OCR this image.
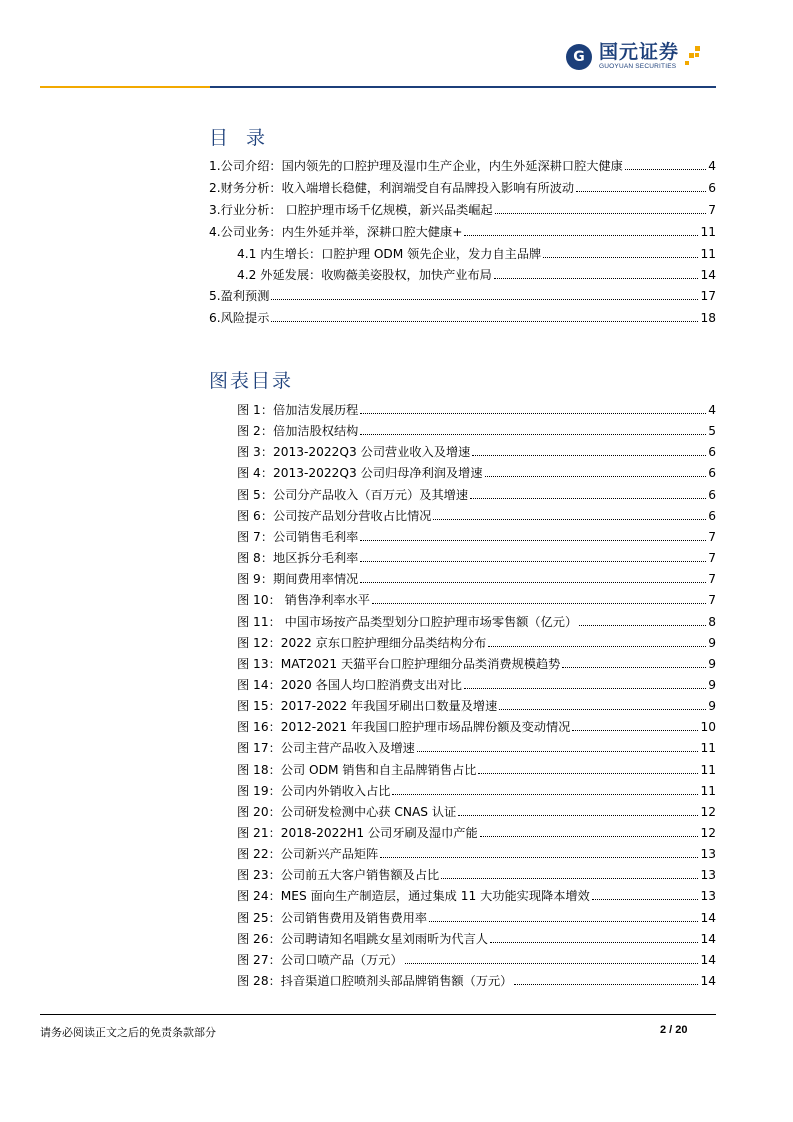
G 国元证券
GUOYUAN SECURITIES
目 录
1.公司介绍：国内领先的口腔护理及湿巾生产企业，内生外延深耕口腔大健康	4
2.财务分析：收入端增长稳健，利润端受自有品牌投入影响有所波动	6
3.行业分析： 口腔护理市场千亿规模，新兴品类崛起	7
4.公司业务：内生外延并举，深耕口腔大健康+	11
4.1 内生增长：口腔护理 ODM 领先企业，发力自主品牌	11
4.2 外延发展：收购薇美姿股权，加快产业布局	14
5.盈利预测	17
6.风险提示	18
图表目录
图 1：倍加洁发展历程	4
图 2：倍加洁股权结构	5
图 3：2013-2022Q3 公司营业收入及增速	6
图 4：2013-2022Q3 公司归母净利润及增速	6
图 5：公司分产品收入（百万元）及其增速	6
图 6：公司按产品划分营收占比情况	6
图 7：公司销售毛利率	7
图 8：地区拆分毛利率	7
图 9：期间费用率情况	7
图 10： 销售净利率水平	7
图 11： 中国市场按产品类型划分口腔护理市场零售额（亿元）	8
图 12：2022 京东口腔护理细分品类结构分布	9
图 13：MAT2021 天猫平台口腔护理细分品类消费规模趋势	9
图 14：2020 各国人均口腔消费支出对比	9
图 15：2017-2022 年我国牙刷出口数量及增速	9
图 16：2012-2021 年我国口腔护理市场品牌份额及变动情况	10
图 17：公司主营产品收入及增速	11
图 18：公司 ODM 销售和自主品牌销售占比	11
图 19：公司内外销收入占比	11
图 20：公司研发检测中心获 CNAS 认证	12
图 21：2018-2022H1 公司牙刷及湿巾产能	12
图 22：公司新兴产品矩阵	13
图 23：公司前五大客户销售额及占比	13
图 24：MES 面向生产制造层，通过集成 11 大功能实现降本增效	13
图 25：公司销售费用及销售费用率	14
图 26：公司聘请知名唱跳女星刘雨昕为代言人	14
图 27：公司口喷产品（万元）	14
图 28：抖音渠道口腔喷剂头部品牌销售额（万元）	14
请务必阅读正文之后的免责条款部分	2 / 20
